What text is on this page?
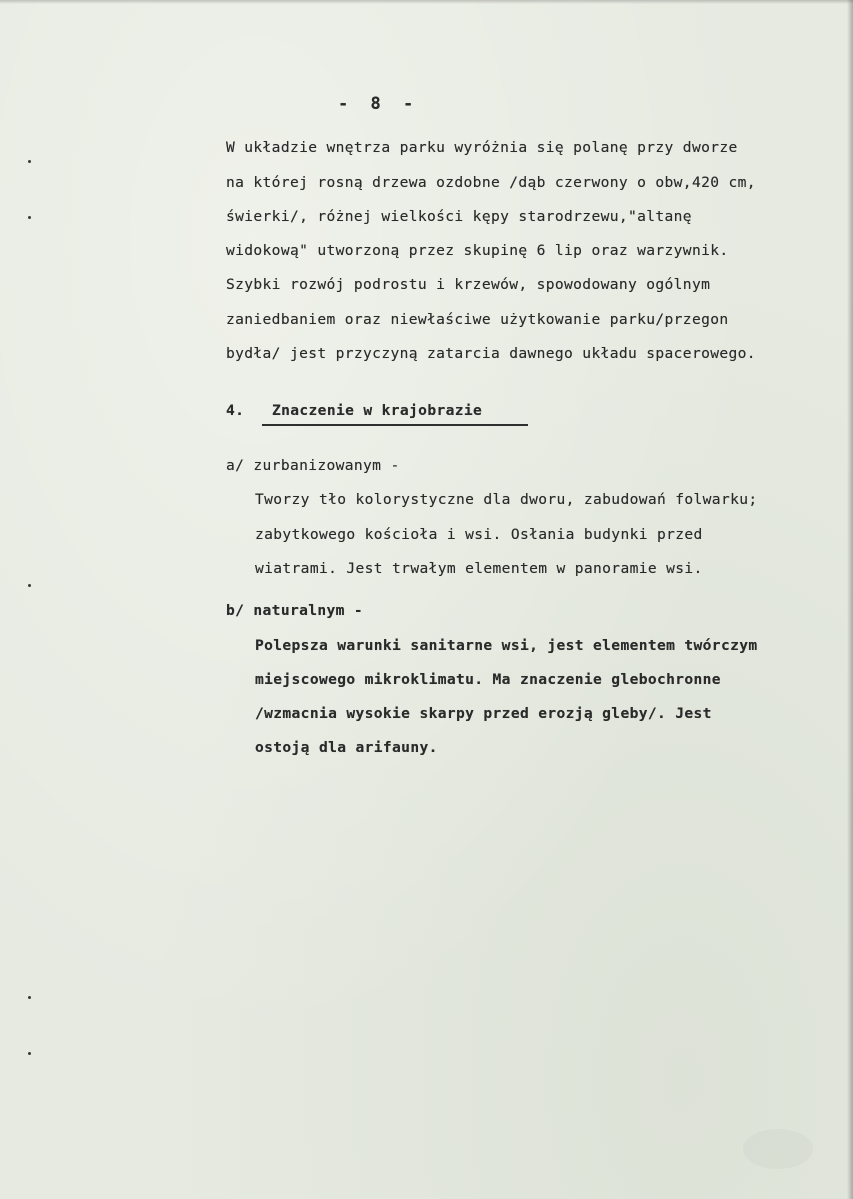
- 8 -
W układzie wnętrza parku wyróżnia się polanę przy dworze
na której rosną drzewa ozdobne /dąb czerwony o obw,420 cm,
świerki/, różnej wielkości kępy starodrzewu,"altanę
widokową" utworzoną przez skupinę 6 lip oraz warzywnik.
Szybki rozwój podrostu i krzewów, spowodowany ogólnym
zaniedbaniem oraz niewłaściwe użytkowanie parku/przegon
bydła/ jest przyczyną zatarcia dawnego układu spacerowego.
4. Znaczenie w krajobrazie
a/ zurbanizowanym -
Tworzy tło kolorystyczne dla dworu, zabudowań folwarku;
zabytkowego kościoła i wsi. Osłania budynki przed
wiatrami. Jest trwałym elementem w panoramie wsi.
b/ naturalnym -
Polepsza warunki sanitarne wsi, jest elementem twórczym
miejscowego mikroklimatu. Ma znaczenie glebochronne
/wzmacnia wysokie skarpy przed erozją gleby/. Jest
ostoją dla arifauny.
